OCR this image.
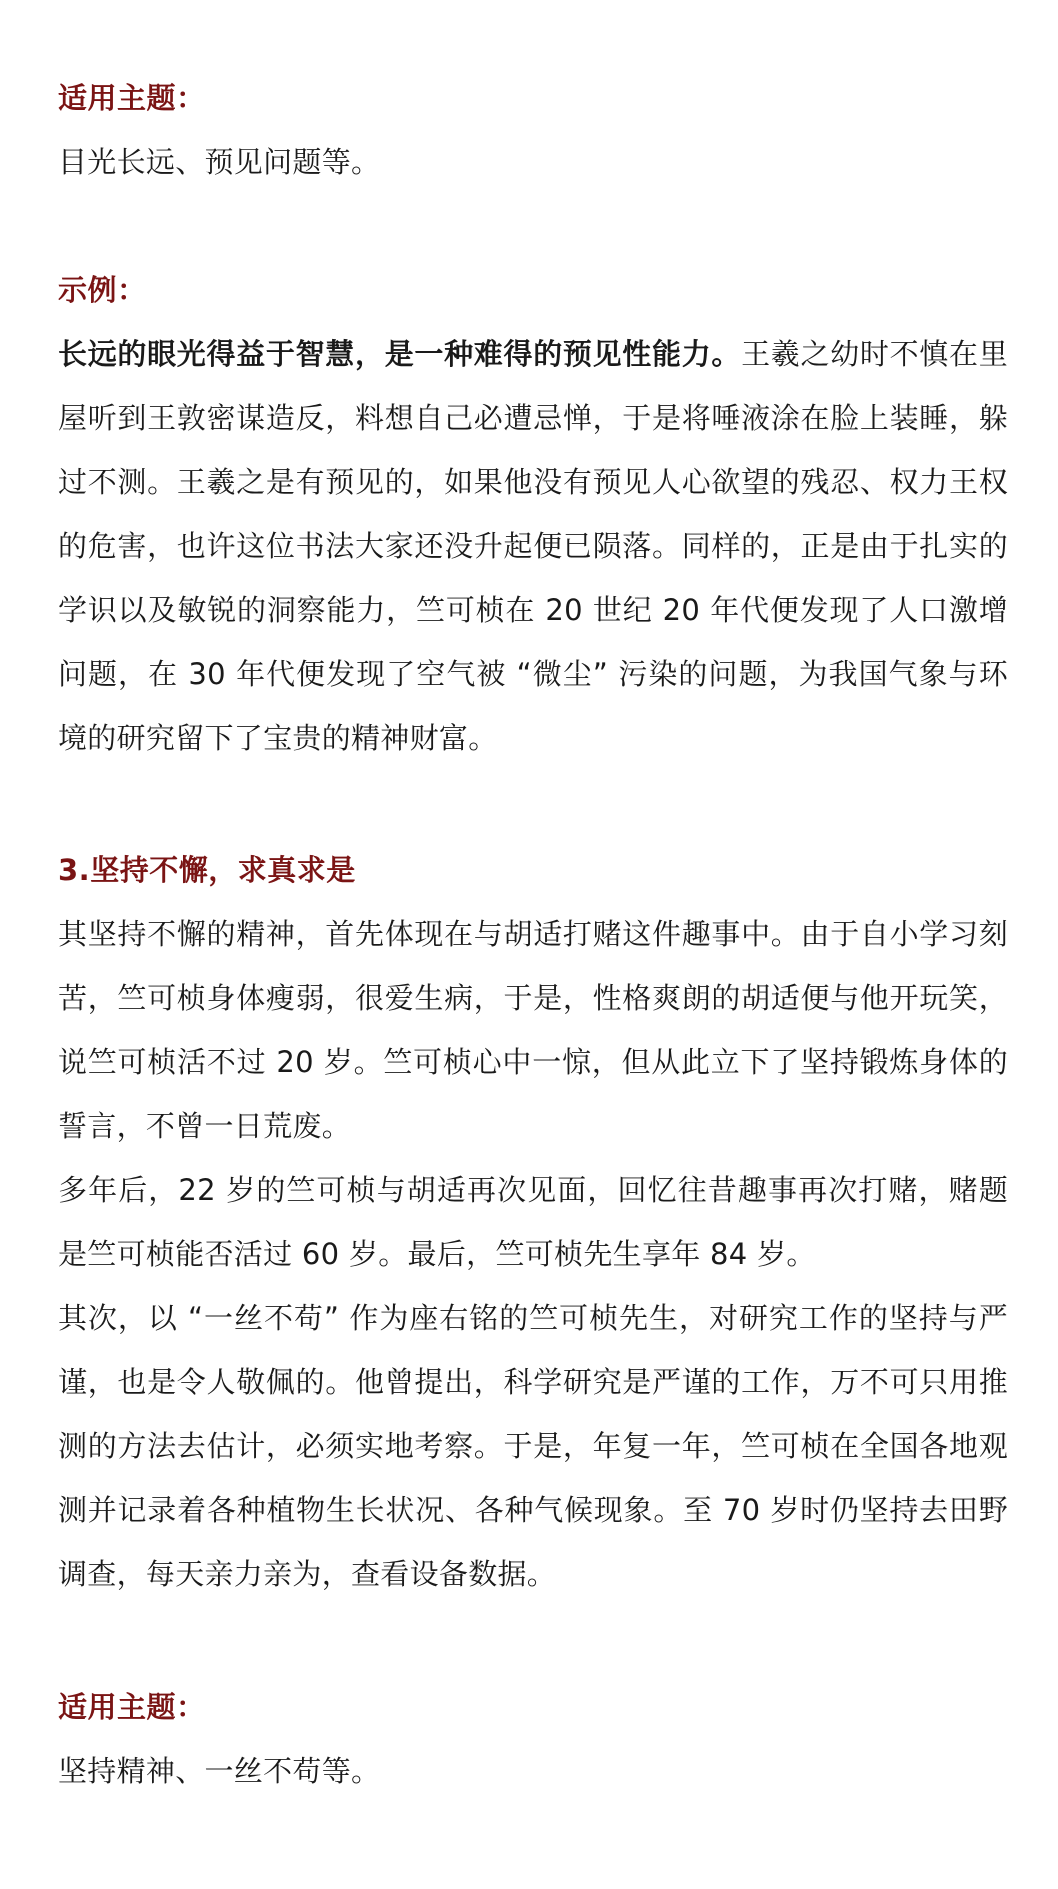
适用主题：
目光长远、预见问题等。
示例：

长远的眼光得益于智慧，是一种难得的预见性能力。王羲之幼时不慎在里屋听到王敦密谋造反，料想自己必遭忌惮，于是将唾液涂在脸上装睡，躲过不测。王羲之是有预见的，如果他没有预见人心欲望的残忍、权力王权的危害，也许这位书法大家还没升起便已陨落。同样的，正是由于扎实的学识以及敏锐的洞察能力，竺可桢在 20 世纪 20 年代便发现了人口激增问题，在 30 年代便发现了空气被 “微尘” 污染的问题，为我国气象与环境的研究留下了宝贵的精神财富。

3.坚持不懈，求真求是

其坚持不懈的精神，首先体现在与胡适打赌这件趣事中。由于自小学习刻苦，竺可桢身体瘦弱，很爱生病，于是，性格爽朗的胡适便与他开玩笑，说竺可桢活不过 20 岁。竺可桢心中一惊，但从此立下了坚持锻炼身体的誓言，不曾一日荒废。

多年后，22 岁的竺可桢与胡适再次见面，回忆往昔趣事再次打赌，赌题是竺可桢能否活过 60 岁。最后，竺可桢先生享年 84 岁。

其次，以 “一丝不苟” 作为座右铭的竺可桢先生，对研究工作的坚持与严谨，也是令人敬佩的。他曾提出，科学研究是严谨的工作，万不可只用推测的方法去估计，必须实地考察。于是，年复一年，竺可桢在全国各地观测并记录着各种植物生长状况、各种气候现象。至 70 岁时仍坚持去田野调查，每天亲力亲为，查看设备数据。

适用主题：
坚持精神、一丝不苟等。
